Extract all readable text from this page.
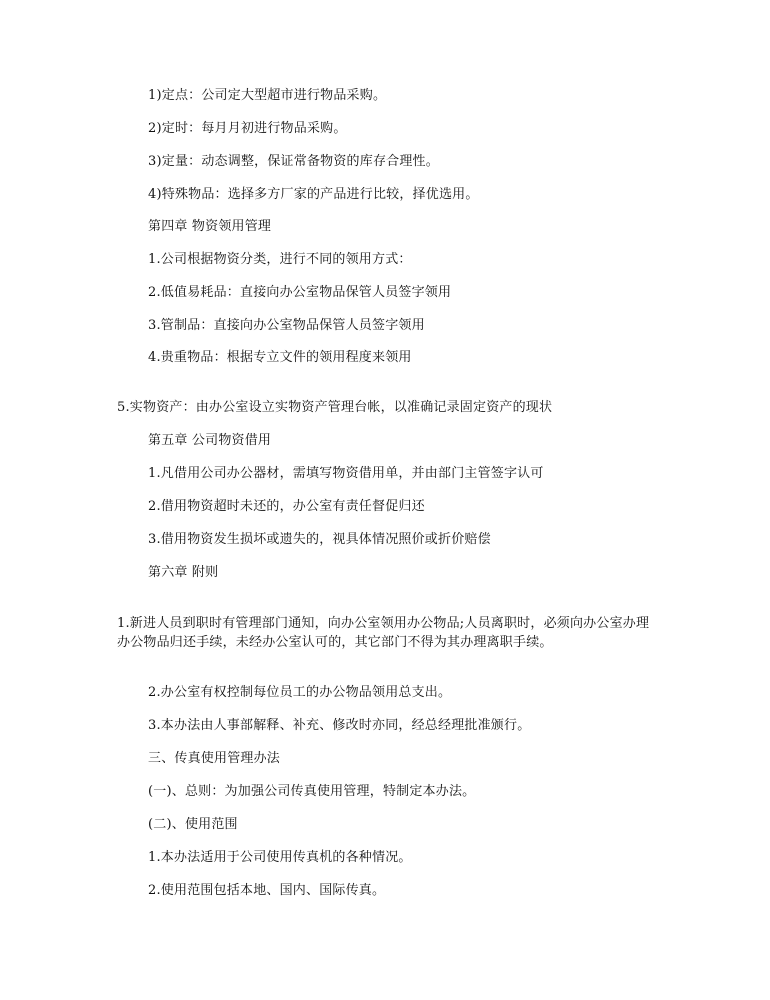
1)定点：公司定大型超市进行物品采购。
2)定时：每月月初进行物品采购。
3)定量：动态调整，保证常备物资的库存合理性。
4)特殊物品：选择多方厂家的产品进行比较，择优选用。
第四章 物资领用管理
1.公司根据物资分类，进行不同的领用方式：
2.低值易耗品：直接向办公室物品保管人员签字领用
3.管制品：直接向办公室物品保管人员签字领用
4.贵重物品：根据专立文件的领用程度来领用
5.实物资产：由办公室设立实物资产管理台帐，以准确记录固定资产的现状
第五章 公司物资借用
1.凡借用公司办公器材，需填写物资借用单，并由部门主管签字认可
2.借用物资超时未还的，办公室有责任督促归还
3.借用物资发生损坏或遗失的，视具体情况照价或折价赔偿
第六章 附则
1.新进人员到职时有管理部门通知，向办公室领用办公物品;人员离职时，必须向办公室办理办公物品归还手续，未经办公室认可的，其它部门不得为其办理离职手续。
2.办公室有权控制每位员工的办公物品领用总支出。
3.本办法由人事部解释、补充、修改时亦同，经总经理批准颁行。
三、传真使用管理办法
(一)、总则：为加强公司传真使用管理，特制定本办法。
(二)、使用范围
1.本办法适用于公司使用传真机的各种情况。
2.使用范围包括本地、国内、国际传真。
